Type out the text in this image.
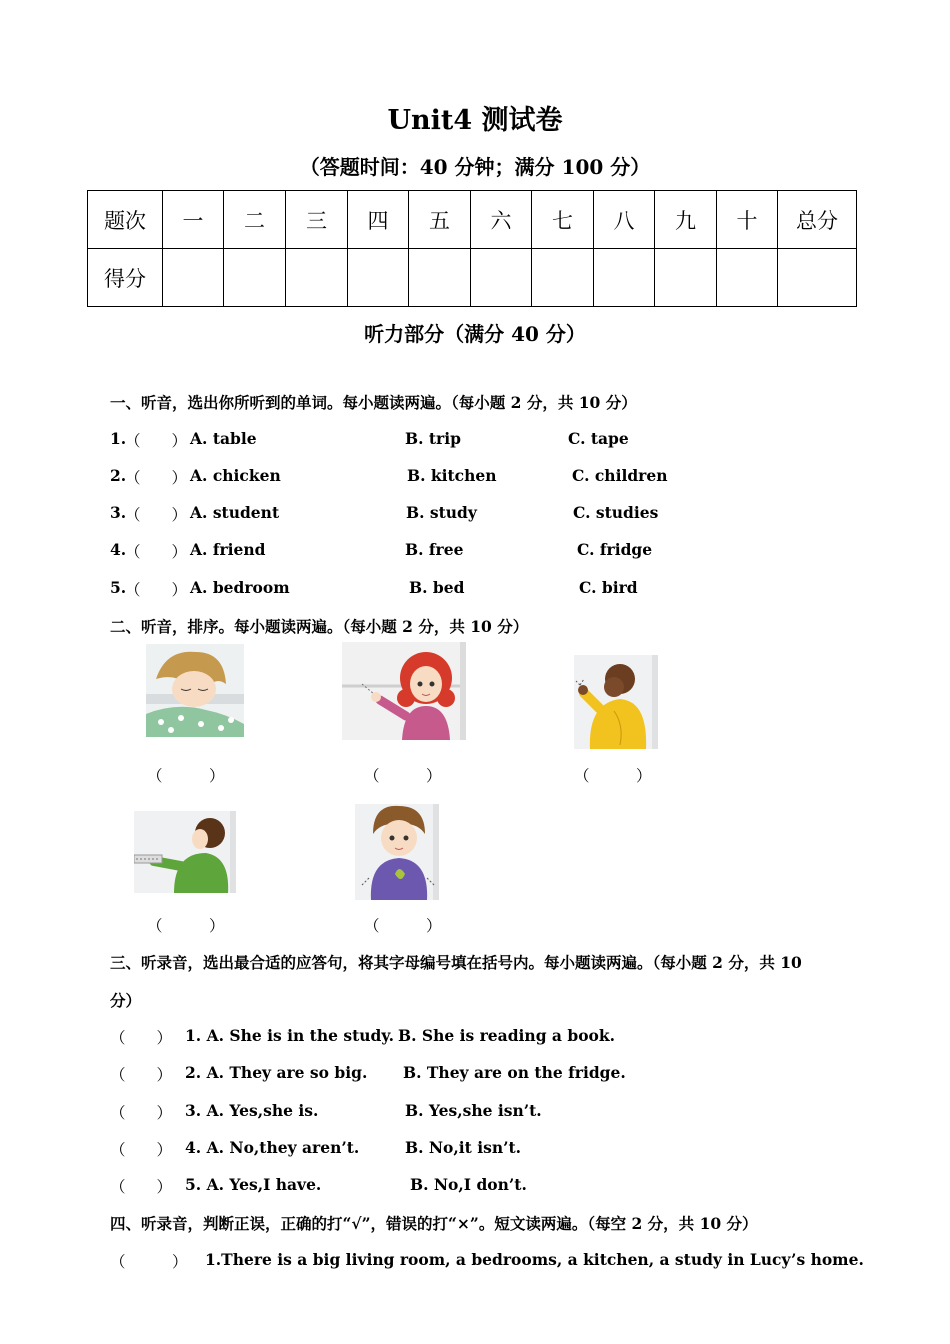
Unit4 测试卷
（答题时间：40 分钟；满分 100 分）
题次	一	二	三	四	五	六	七	八	九	十	总分
得分											
听力部分（满分 40 分）
一、听音，选出你所听到的单词。每小题读两遍。（每小题 2 分，共 10 分）
1.
（　　） A. table	B. trip	C. tape
2.
（　　） A. chicken	B. kitchen	C. children
3.
（　　） A. student	B. study	C. studies
4.
（　　） A. friend	B. free	C. fridge
5.
（　　） A. bedroom	B. bed	C. bird
二、听音，排序。每小题读两遍。（每小题 2 分，共 10 分）
（　　　）	（　　　）	（　　　）
（　　　）	（　　　）
三、听录音，选出最合适的应答句，将其字母编号填在括号内。每小题读两遍。（每小题 2 分，共 10
分）
（　　） 1. A. She is in the study. B. She is reading a book.
（　　） 2. A. They are so big. B. They are on the fridge.
（　　） 3. A. Yes,she is.	B. Yes,she isn’t.
（　　） 4. A. No,they aren’t.	B. No,it isn’t.
（　　） 5. A. Yes,I have.	B. No,I don’t.
四、听录音，判断正误，正确的打“√”，错误的打“×”。短文读两遍。（每空 2 分，共 10 分）
（　　　） 1.There is a big living room, a bedrooms, a kitchen, a study in Lucy’s home.
